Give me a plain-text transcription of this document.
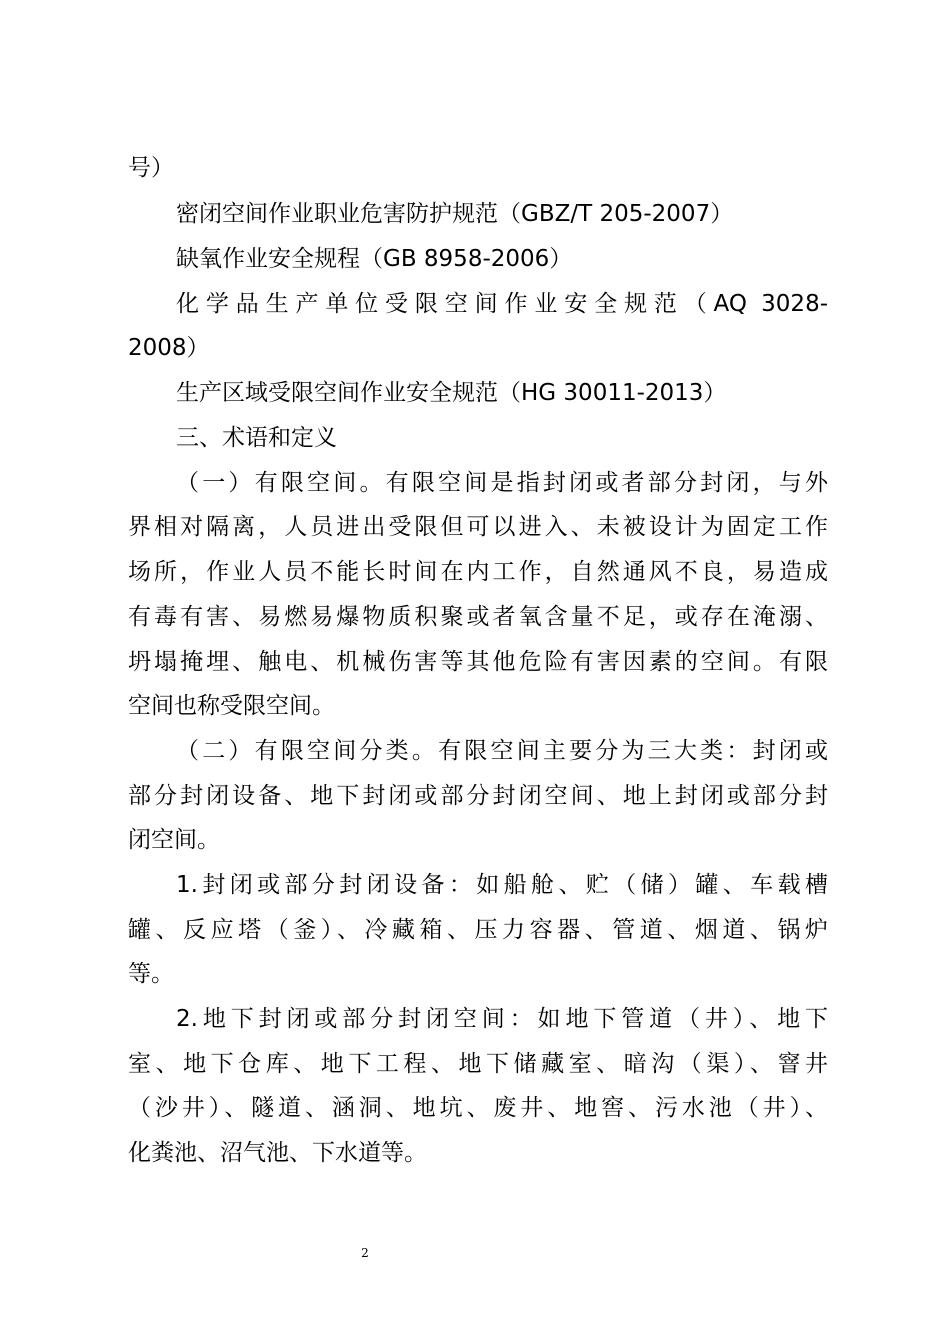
号）
密闭空间作业职业危害防护规范（GBZ/T 205-2007）
缺氧作业安全规程（GB 8958-2006）
化学品生产单位受限空间作业安全规范（AQ 3028-
2008）
生产区域受限空间作业安全规范（HG 30011-2013）
三、术语和定义
（一）有限空间。有限空间是指封闭或者部分封闭，与外
界相对隔离，人员进出受限但可以进入、未被设计为固定工作
场所，作业人员不能长时间在内工作，自然通风不良，易造成
有毒有害、易燃易爆物质积聚或者氧含量不足，或存在淹溺、
坍塌掩埋、触电、机械伤害等其他危险有害因素的空间。有限
空间也称受限空间。
（二）有限空间分类。有限空间主要分为三大类：封闭或
部分封闭设备、地下封闭或部分封闭空间、地上封闭或部分封
闭空间。
1.封闭或部分封闭设备：如船舱、贮（储）罐、车载槽
罐、反应塔（釜）、冷藏箱、压力容器、管道、烟道、锅炉
等。
2.地下封闭或部分封闭空间：如地下管道（井）、地下
室、地下仓库、地下工程、地下储藏室、暗沟（渠）、窨井
（沙井）、隧道、涵洞、地坑、废井、地窖、污水池（井）、
化粪池、沼气池、下水道等。
2
